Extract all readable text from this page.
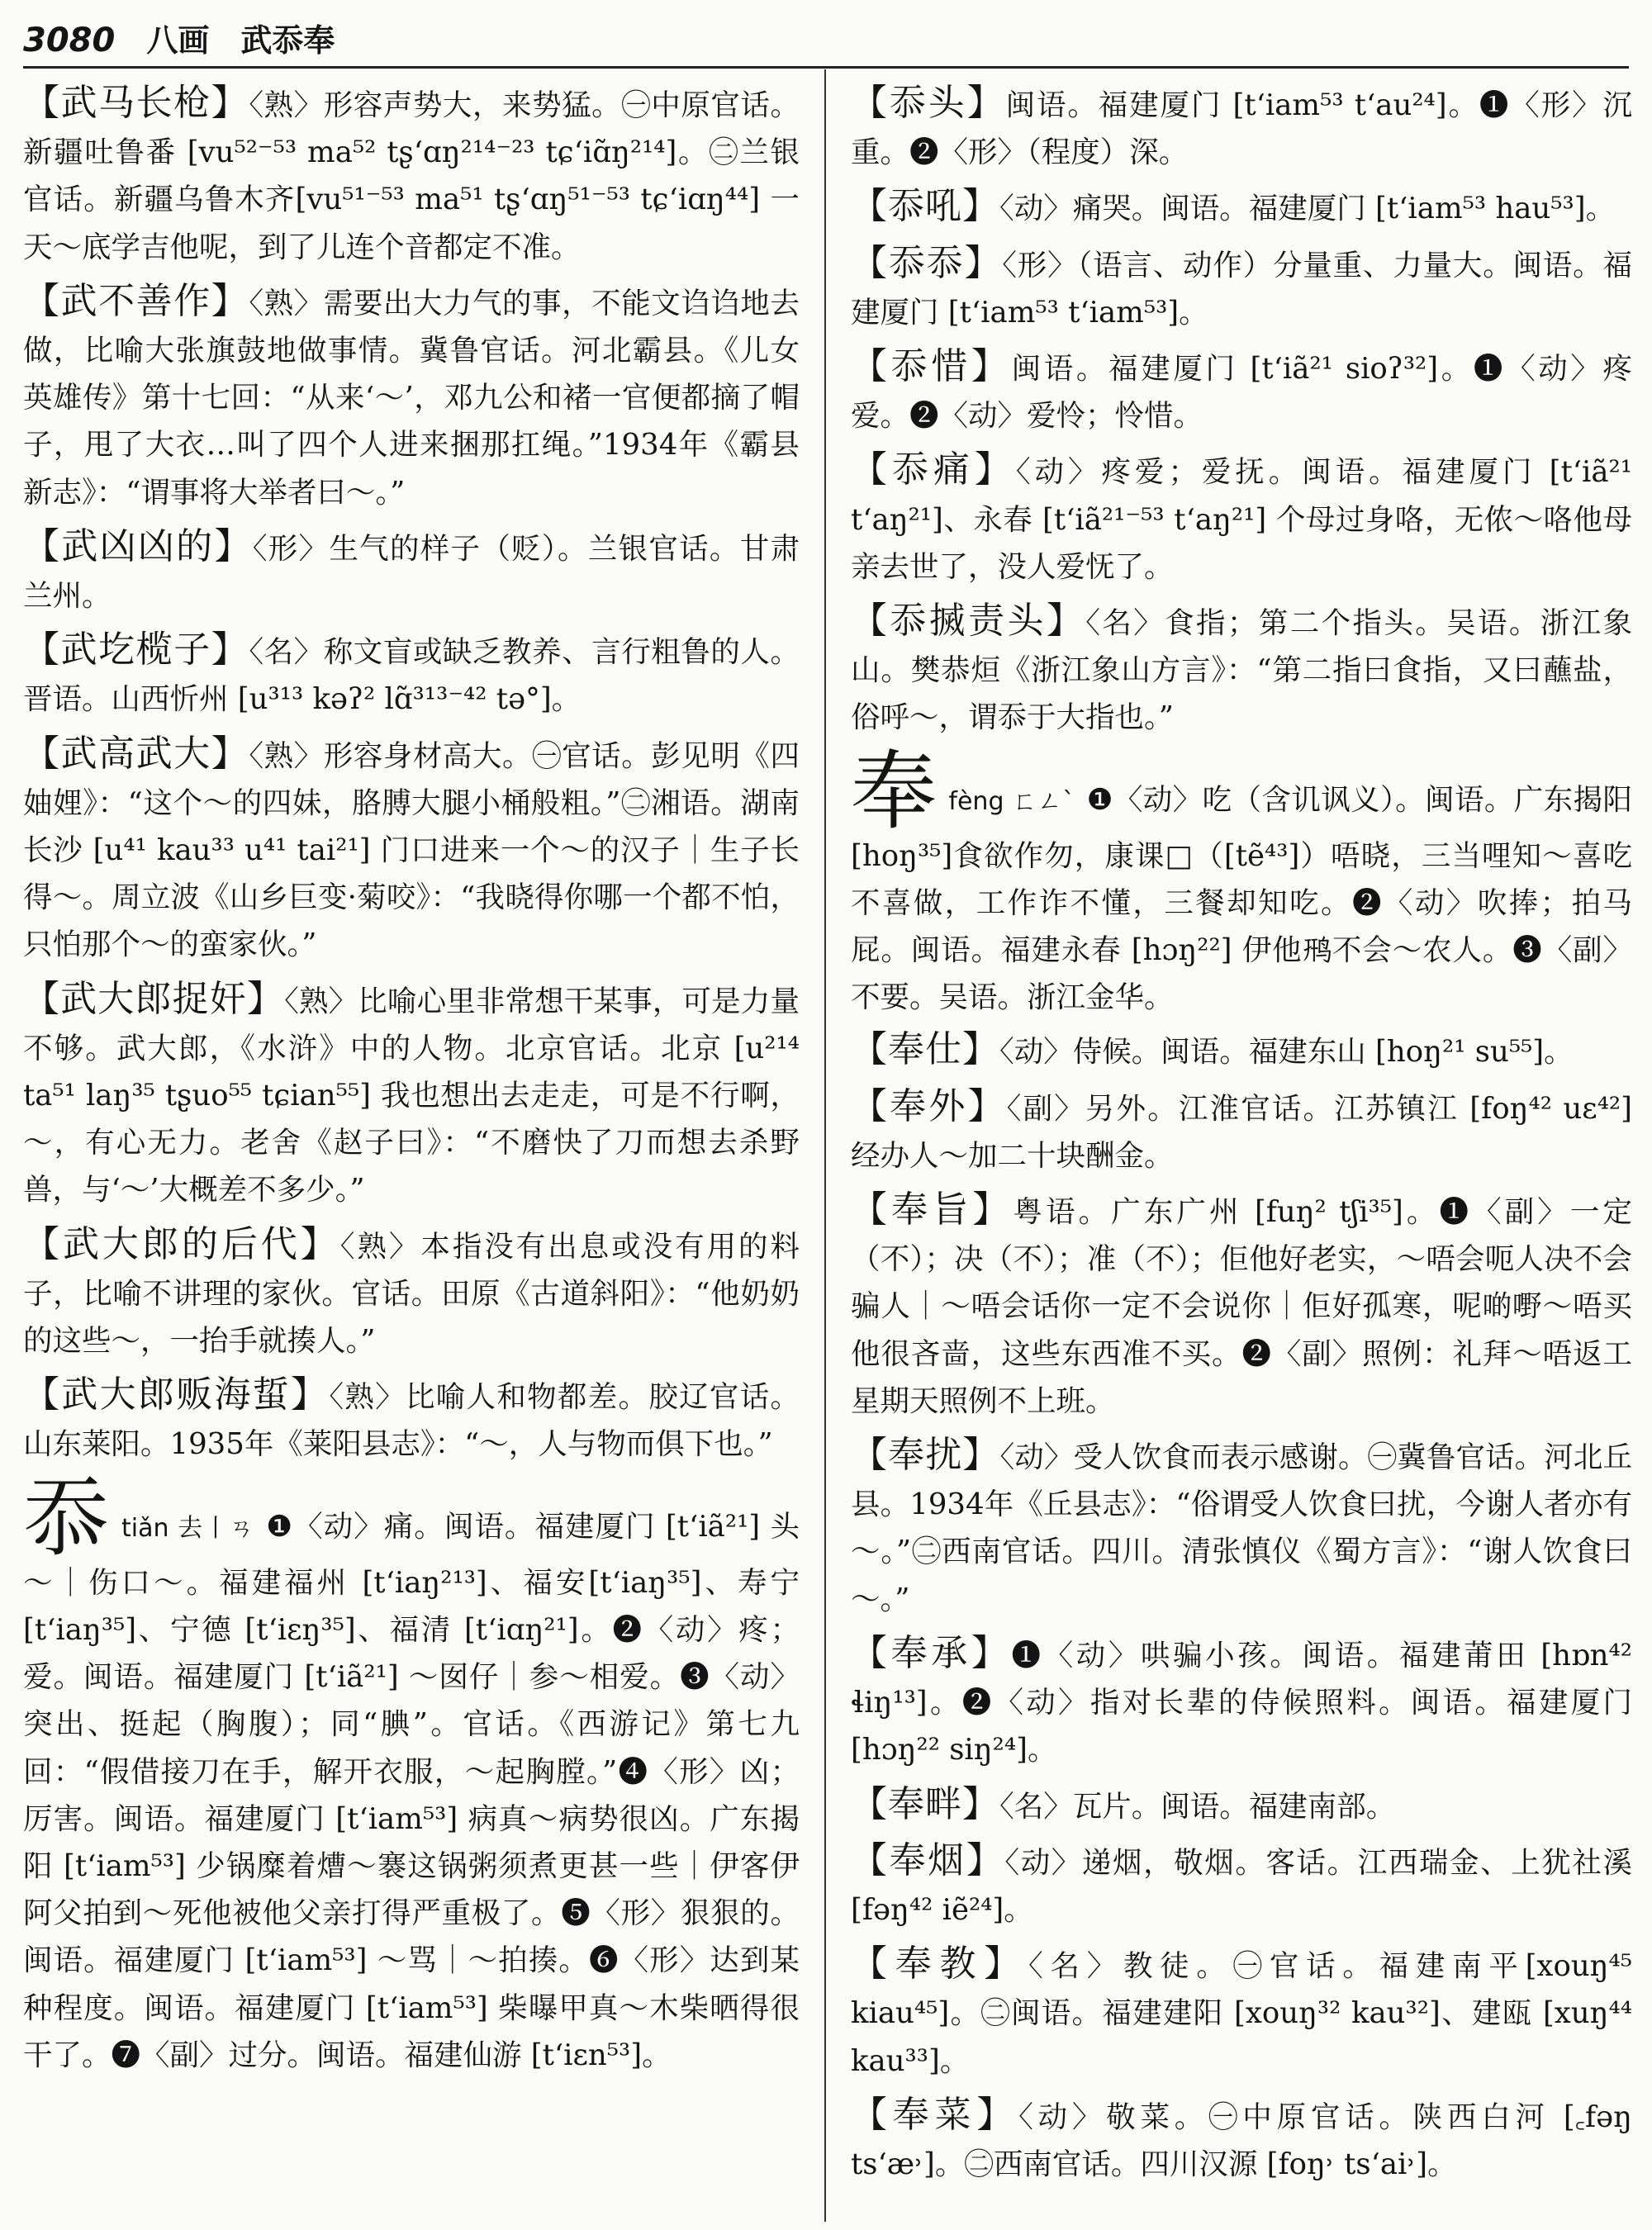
3080 八画　武忝奉
【武马长枪】〈熟〉形容声势大，来势猛。㊀中原官话。新疆吐鲁番 [vu⁵²⁻⁵³ ma⁵² tʂʻɑŋ²¹⁴⁻²³ tɕʻiɑ̃ŋ²¹⁴]。㊁兰银官话。新疆乌鲁木齐[vu⁵¹⁻⁵³ ma⁵¹ tʂʻɑŋ⁵¹⁻⁵³ tɕʻiɑŋ⁴⁴] 一天～底学吉他呢，到了儿连个音都定不准。
【武不善作】〈熟〉需要出大力气的事，不能文诌诌地去做，比喻大张旗鼓地做事情。冀鲁官话。河北霸县。《儿女英雄传》第十七回：“从来‘～’，邓九公和褚一官便都摘了帽子，甩了大衣…叫了四个人进来捆那扛绳。”1934年《霸县新志》：“谓事将大举者曰～。”
【武凶凶的】〈形〉生气的样子（贬）。兰银官话。甘肃兰州。
【武圪榄子】〈名〉称文盲或缺乏教养、言行粗鲁的人。晋语。山西忻州 [u³¹³ kəʔ² lɑ̃³¹³⁻⁴² tə°]。
【武高武大】〈熟〉形容身材高大。㊀官话。彭见明《四妯娌》：“这个～的四妹，胳膊大腿小桶般粗。”㊁湘语。湖南长沙 [u⁴¹ kau³³ u⁴¹ tai²¹] 门口进来一个～的汉子｜生子长得～。周立波《山乡巨变·菊咬》：“我晓得你哪一个都不怕，只怕那个～的蛮家伙。”
【武大郎捉奸】〈熟〉比喻心里非常想干某事，可是力量不够。武大郎，《水浒》中的人物。北京官话。北京 [u²¹⁴ ta⁵¹ laŋ³⁵ tʂuo⁵⁵ tɕian⁵⁵] 我也想出去走走，可是不行啊，～，有心无力。老舍《赵子曰》：“不磨快了刀而想去杀野兽，与‘～’大概差不多少。”
【武大郎的后代】〈熟〉本指没有出息或没有用的料子，比喻不讲理的家伙。官话。田原《古道斜阳》：“他奶奶的这些～，一抬手就揍人。”
【武大郎贩海蜇】〈熟〉比喻人和物都差。胶辽官话。山东莱阳。1935年《莱阳县志》：“～，人与物而俱下也。”
忝tiǎn 去丨ㄢ ❶〈动〉痛。闽语。福建厦门 [tʻiã²¹] 头～｜伤口～。福建福州 [tʻiaŋ²¹³]、福安[tʻiaŋ³⁵]、寿宁 [tʻiaŋ³⁵]、宁德 [tʻiɛŋ³⁵]、福清 [tʻiɑŋ²¹]。❷〈动〉疼；爱。闽语。福建厦门 [tʻiã²¹] ～囡仔｜参～相爱。❸〈动〉突出、挺起（胸腹）；同“腆”。官话。《西游记》第七九回：“假借接刀在手，解开衣服，～起胸膛。”❹〈形〉凶；厉害。闽语。福建厦门 [tʻiam⁵³] 病真～病势很凶。广东揭阳 [tʻiam⁵³] 少锅糜着㷮～褰这锅粥须煮更甚一些｜伊客伊阿父拍到～死他被他父亲打得严重极了。❺〈形〉狠狠的。闽语。福建厦门 [tʻiam⁵³] ～骂｜～拍揍。❻〈形〉达到某种程度。闽语。福建厦门 [tʻiam⁵³] 柴曝甲真～木柴晒得很干了。❼〈副〉过分。闽语。福建仙游 [tʻiɛn⁵³]。
【忝头】闽语。福建厦门 [tʻiam⁵³ tʻau²⁴]。❶〈形〉沉重。❷〈形〉（程度）深。
【忝吼】〈动〉痛哭。闽语。福建厦门 [tʻiam⁵³ hau⁵³]。
【忝忝】〈形〉（语言、动作）分量重、力量大。闽语。福建厦门 [tʻiam⁵³ tʻiam⁵³]。
【忝惜】闽语。福建厦门 [tʻiã²¹ sioʔ³²]。❶〈动〉疼爱。❷〈动〉爱怜；怜惜。
【忝痛】〈动〉疼爱；爱抚。闽语。福建厦门 [tʻiã²¹ tʻaŋ²¹]、永春 [tʻiã²¹⁻⁵³ tʻaŋ²¹] 个母过身咯，无侬～咯他母亲去世了，没人爱怃了。
【忝搣责头】〈名〉食指；第二个指头。吴语。浙江象山。樊恭烜《浙江象山方言》：“第二指曰食指，又曰蘸盐，俗呼～，谓忝于大指也。”
奉fèng ㄈㄥˋ ❶〈动〉吃（含讥讽义）。闽语。广东揭阳[hoŋ³⁵]食欲作勿，康课□（[tẽ⁴³]）唔晓，三当哩知～喜吃不喜做，工作诈不懂，三餐却知吃。❷〈动〉吹捧；拍马屁。闽语。福建永春 [hɔŋ²²] 伊他𫛚不会～农人。❸〈副〉不要。吴语。浙江金华。
【奉仕】〈动〉侍候。闽语。福建东山 [hoŋ²¹ su⁵⁵]。
【奉外】〈副〉另外。江淮官话。江苏镇江 [foŋ⁴² uɛ⁴²] 经办人～加二十块酬金。
【奉旨】粤语。广东广州 [fuŋ² tʃi³⁵]。❶〈副〉一定（不）；决（不）；准（不）；佢他好老实，～唔会呃人决不会骗人｜～唔会话你一定不会说你｜佢好孤寒，呢啲嘢～唔买他很吝啬，这些东西准不买。❷〈副〉照例：礼拜～唔返工星期天照例不上班。
【奉扰】〈动〉受人饮食而表示感谢。㊀冀鲁官话。河北丘县。1934年《丘县志》：“俗谓受人饮食曰扰，今谢人者亦有～。”㊁西南官话。四川。清张慎仪《蜀方言》：“谢人饮食曰～。”
【奉承】❶〈动〉哄骗小孩。闽语。福建莆田 [hɒn⁴² ɬiŋ¹³]。❷〈动〉指对长辈的侍候照料。闽语。福建厦门 [hɔŋ²² siŋ²⁴]。
【奉畔】〈名〉瓦片。闽语。福建南部。
【奉烟】〈动〉递烟，敬烟。客话。江西瑞金、上犹社溪 [fəŋ⁴² iẽ²⁴]。
【奉教】〈名〉教徒。㊀官话。福建南平[xouŋ⁴⁵ kiau⁴⁵]。㊁闽语。福建建阳 [xouŋ³² kau³²]、建瓯 [xuŋ⁴⁴ kau³³]。
【奉菜】〈动〉敬菜。㊀中原官话。陕西白河 [꜀fəŋ tsʻæ˒]。㊁西南官话。四川汉源 [foŋ˒ tsʻai˒]。
